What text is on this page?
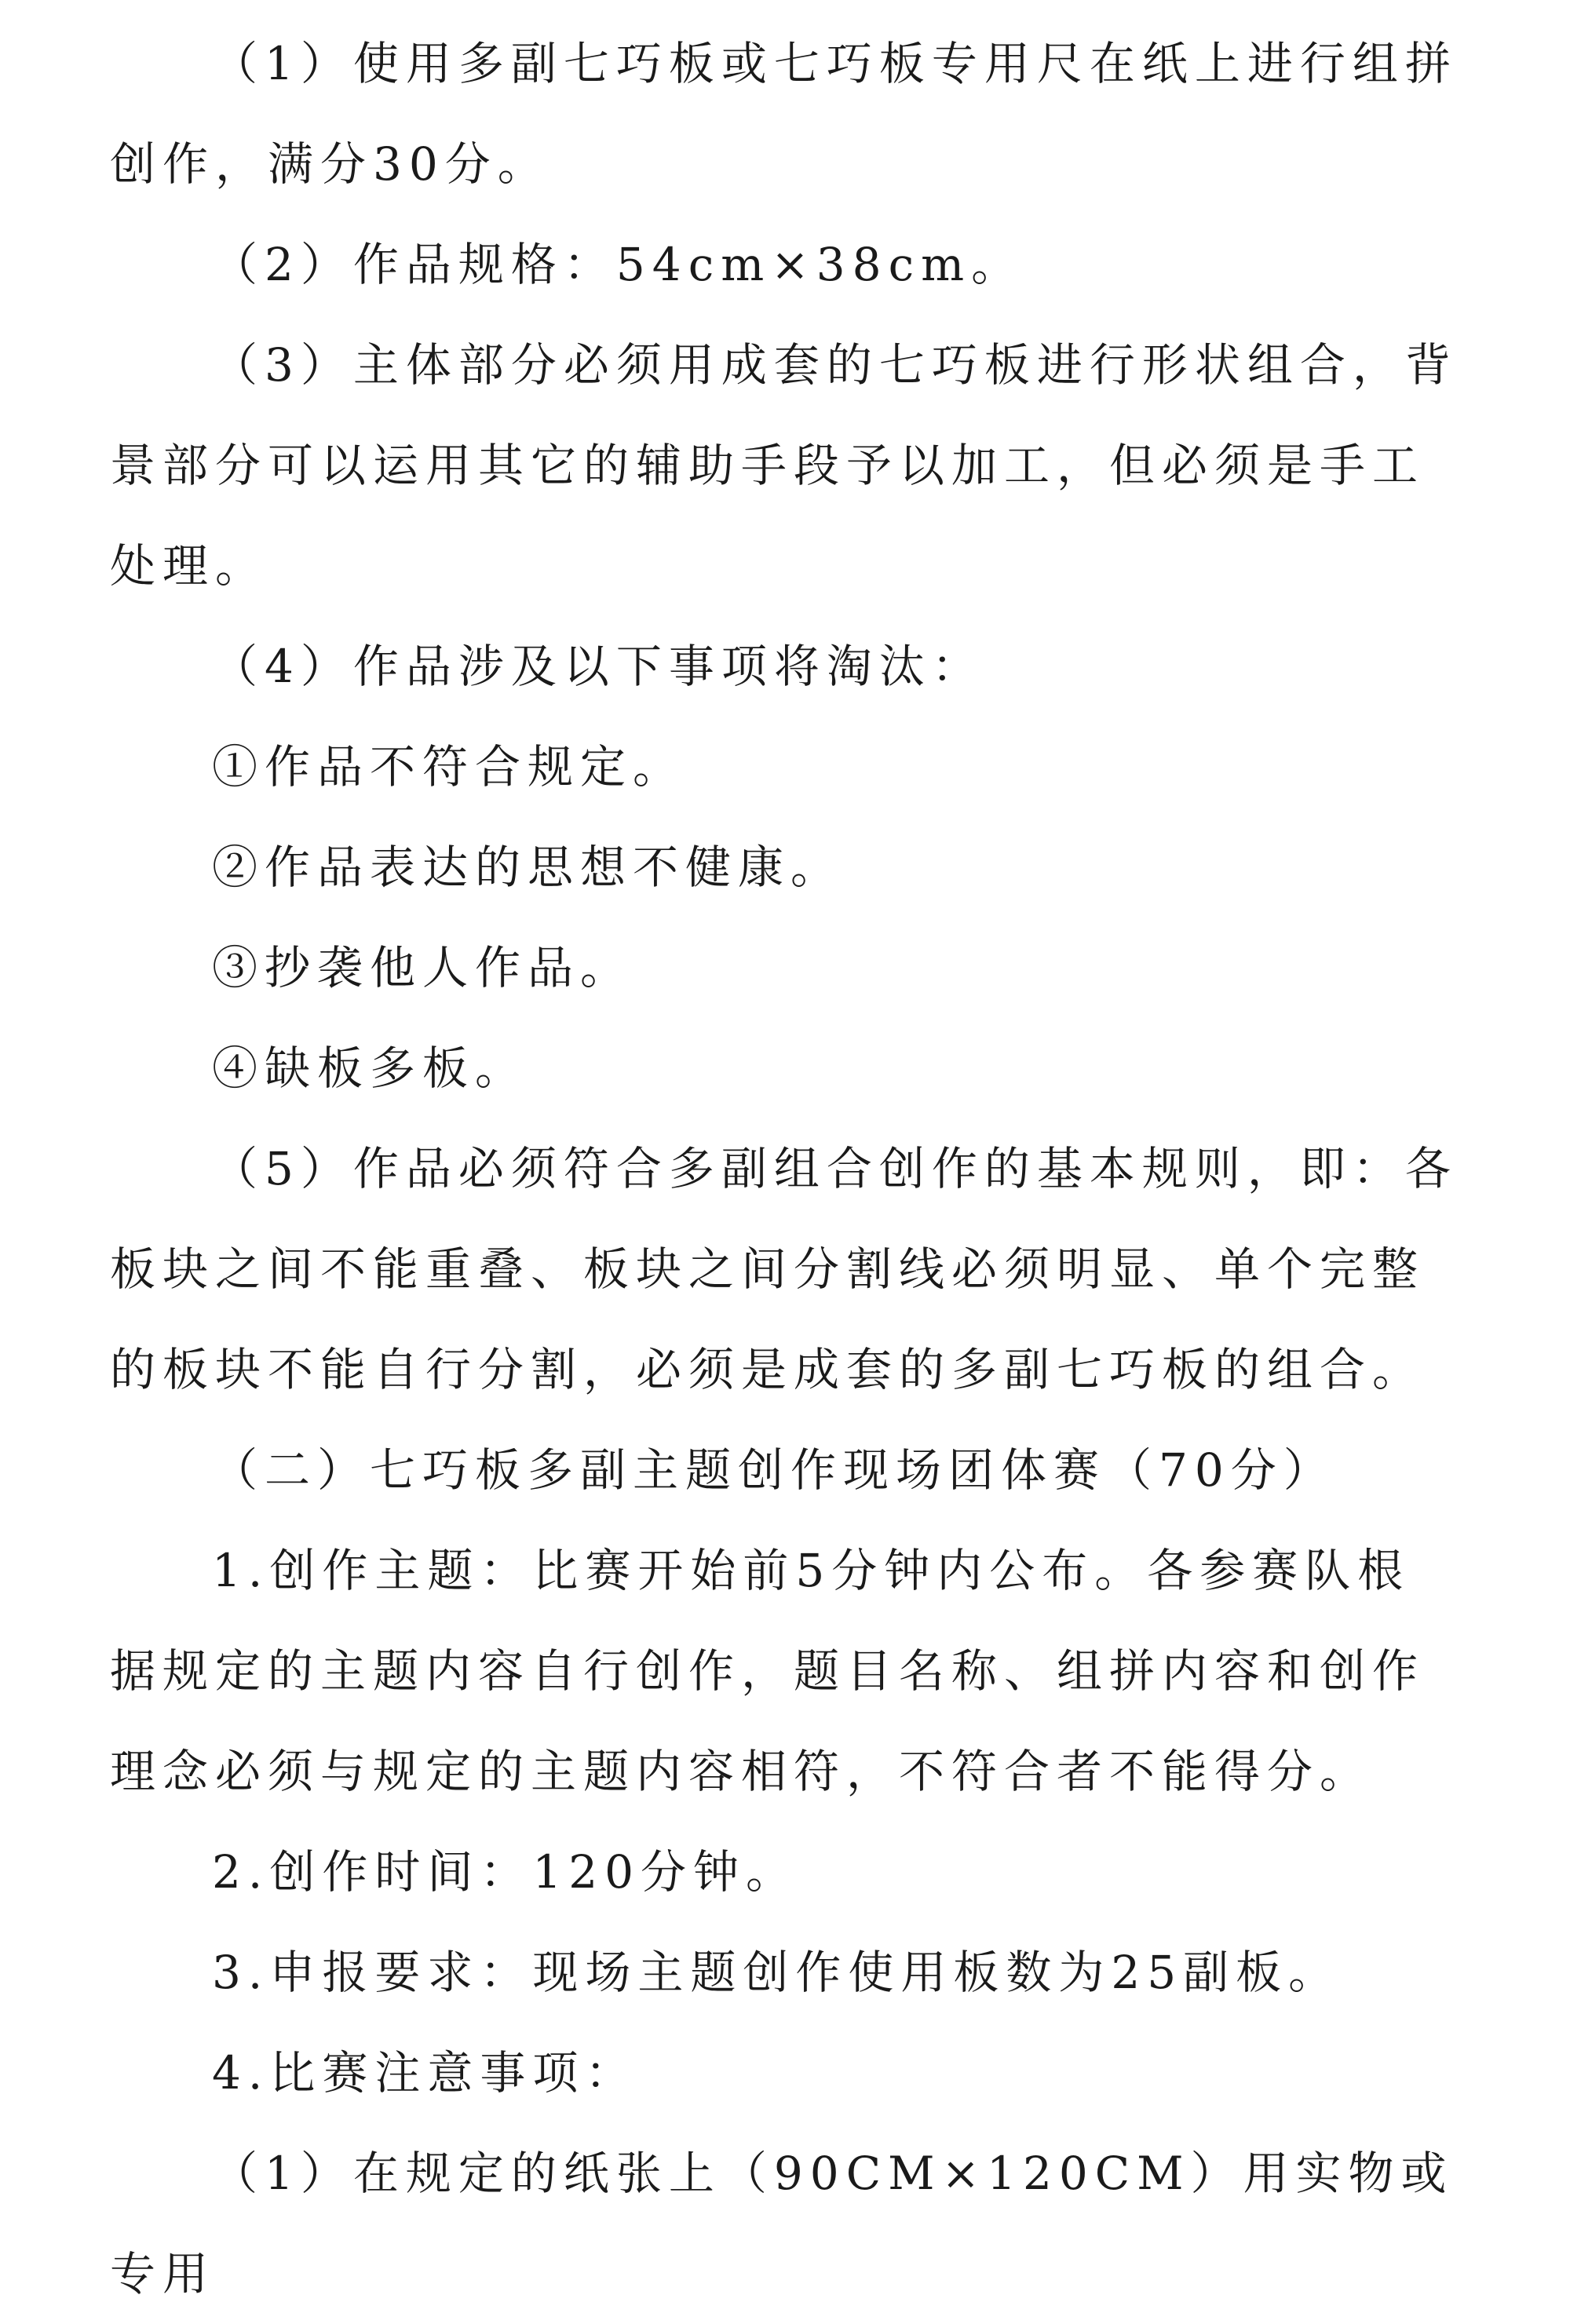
（1）使用多副七巧板或七巧板专用尺在纸上进行组拼创作，满分30分。

（2）作品规格：54cm×38cm。

（3）主体部分必须用成套的七巧板进行形状组合，背景部分可以运用其它的辅助手段予以加工，但必须是手工处理。

（4）作品涉及以下事项将淘汰：

①作品不符合规定。

②作品表达的思想不健康。

③抄袭他人作品。

④缺板多板。

（5）作品必须符合多副组合创作的基本规则，即：各板块之间不能重叠、板块之间分割线必须明显、单个完整的板块不能自行分割，必须是成套的多副七巧板的组合。

（二）七巧板多副主题创作现场团体赛（70分）

1.创作主题：比赛开始前5分钟内公布。各参赛队根据规定的主题内容自行创作，题目名称、组拼内容和创作理念必须与规定的主题内容相符，不符合者不能得分。

2.创作时间：120分钟。

3.申报要求：现场主题创作使用板数为25副板。

4.比赛注意事项：

（1）在规定的纸张上（90CM×120CM）用实物或专用
